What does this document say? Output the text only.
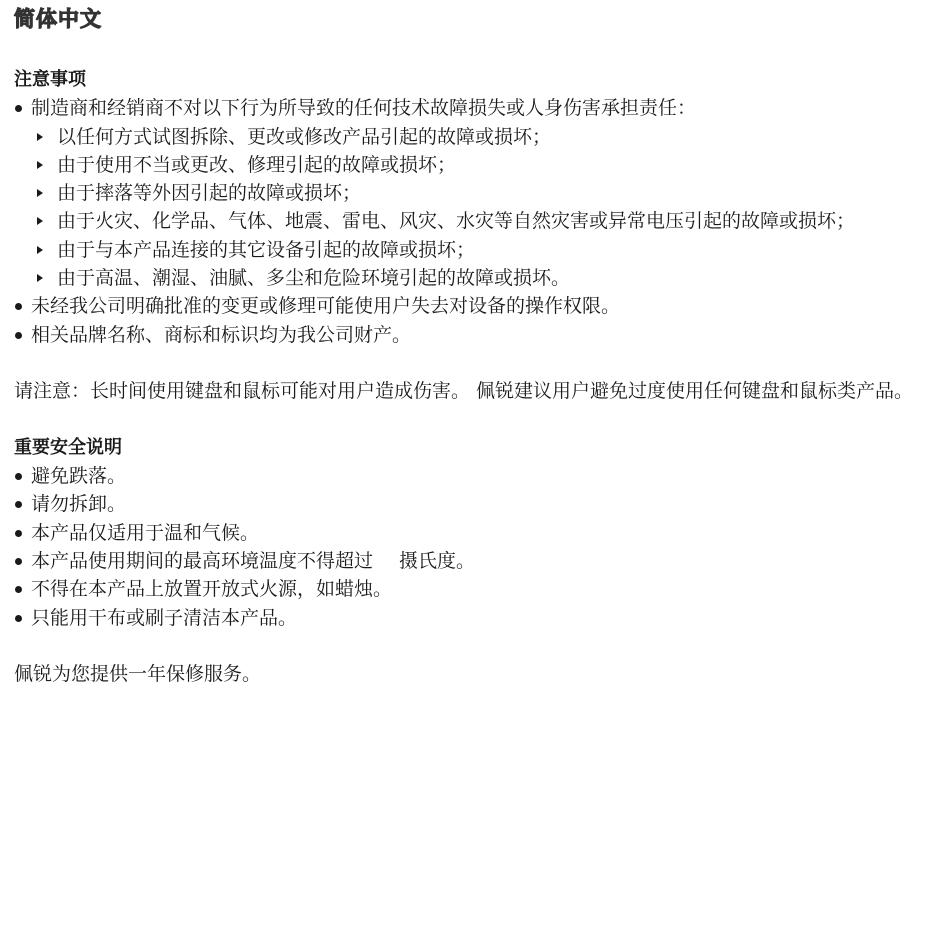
简体中文
注意事项
制造商和经销商不对以下行为所导致的任何技术故障损失或人身伤害承担责任：
以任何方式试图拆除、更改或修改产品引起的故障或损坏；
由于使用不当或更改、修理引起的故障或损坏；
由于摔落等外因引起的故障或损坏；
由于火灾、化学品、气体、地震、雷电、风灾、水灾等自然灾害或异常电压引起的故障或损坏；
由于与本产品连接的其它设备引起的故障或损坏；
由于高温、潮湿、油腻、多尘和危险环境引起的故障或损坏。
未经我公司明确批准的变更或修理可能使用户失去对设备的操作权限。
相关品牌名称、商标和标识均为我公司财产。
请注意：长时间使用键盘和鼠标可能对用户造成伤害。 佩锐建议用户避免过度使用任何键盘和鼠标类产品。
重要安全说明
避免跌落。
请勿拆卸。
本产品仅适用于温和气候。
本产品使用期间的最高环境温度不得超过 摄氏度。
不得在本产品上放置开放式火源，如蜡烛。
只能用干布或刷子清洁本产品。
佩锐为您提供一年保修服务。
